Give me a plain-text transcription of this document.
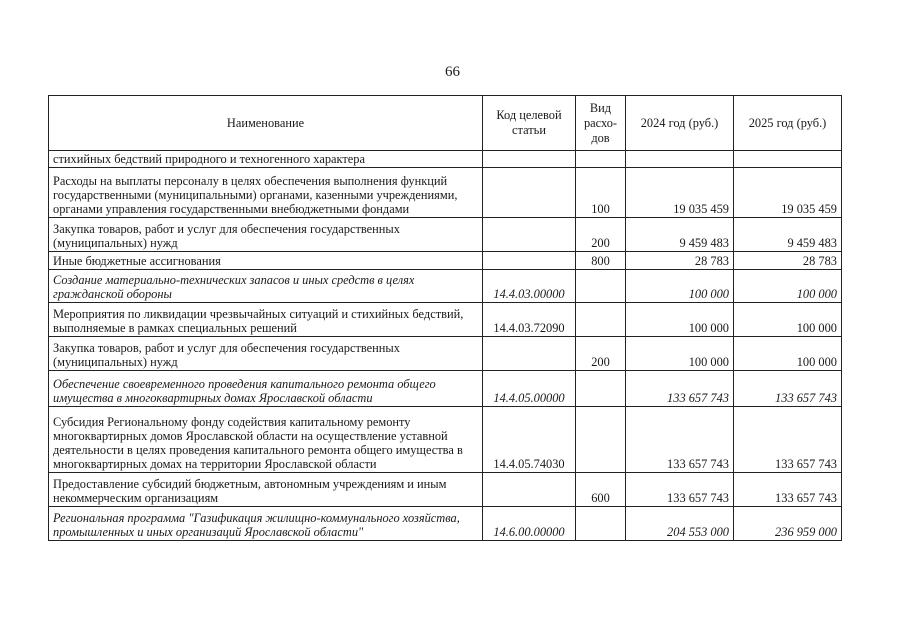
66
Наименование	Код целевой статьи	Вид расхо- дов	2024 год (руб.)	2025 год (руб.)
стихийных бедствий природного и техногенного характера				
Расходы на выплаты персоналу в целях обеспечения выполнения функций государственными (муниципальными) органами, казенными учреждениями, органами управления государственными внебюджетными фондами		100	19 035 459	19 035 459
Закупка товаров, работ и услуг для обеспечения государственных (муниципальных) нужд		200	9 459 483	9 459 483
Иные бюджетные ассигнования		800	28 783	28 783
Создание материально-технических запасов и иных средств в целях гражданской обороны	14.4.03.00000		100 000	100 000
Мероприятия по ликвидации чрезвычайных ситуаций и стихийных бедствий, выполняемые в рамках специальных решений	14.4.03.72090		100 000	100 000
Закупка товаров, работ и услуг для обеспечения государственных (муниципальных) нужд		200	100 000	100 000
Обеспечение своевременного проведения капитального ремонта общего имущества в многоквартирных домах Ярославской области	14.4.05.00000		133 657 743	133 657 743
Субсидия Региональному фонду содействия капитальному ремонту многоквартирных домов Ярославской области на осуществление уставной деятельности в целях проведения капитального ремонта общего имущества в многоквартирных домах на территории Ярославской области	14.4.05.74030		133 657 743	133 657 743
Предоставление субсидий бюджетным, автономным учреждениям и иным некоммерческим организациям		600	133 657 743	133 657 743
Региональная программа "Газификация жилищно-коммунального хозяйства, промышленных и иных организаций Ярославской области"	14.6.00.00000		204 553 000	236 959 000
